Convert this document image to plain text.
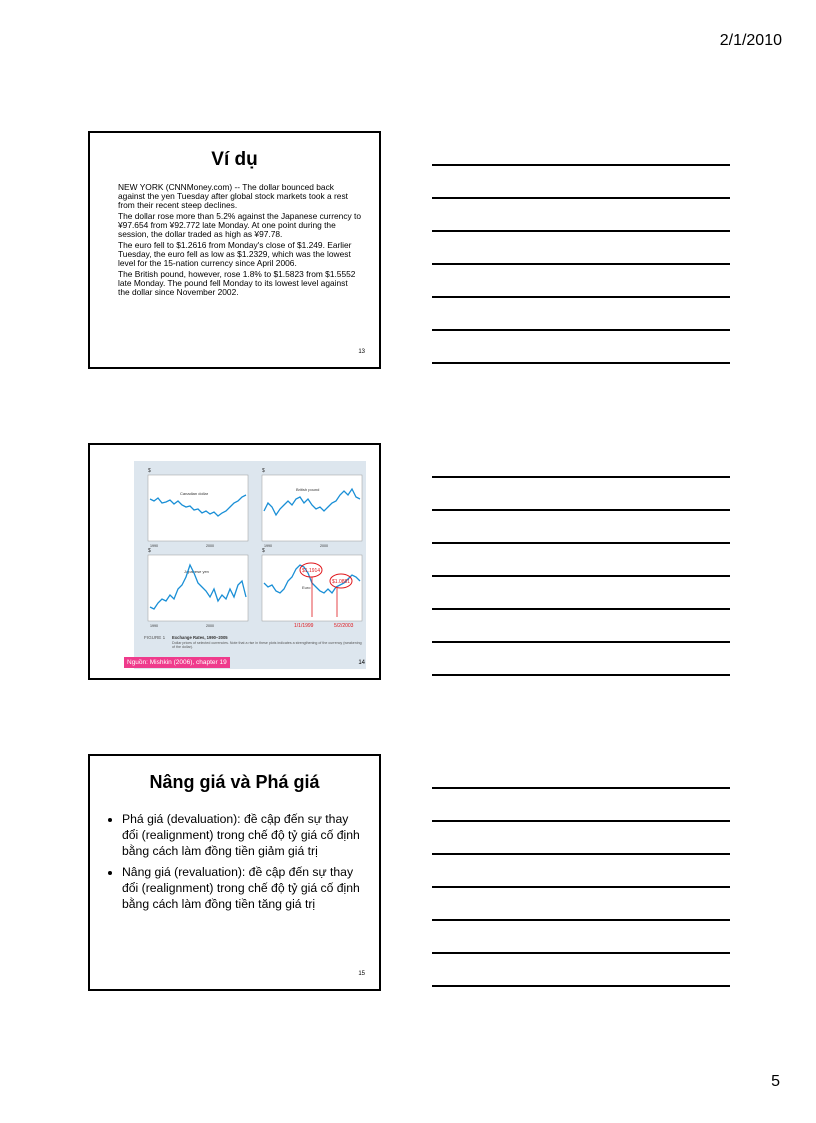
2/1/2010
Ví dụ

NEW YORK (CNNMoney.com) -- The dollar bounced back against the yen Tuesday after global stock markets took a rest from their recent steep declines.

The dollar rose more than 5.2% against the Japanese currency to ¥97.654 from ¥92.772 late Monday. At one point during the session, the dollar traded as high as ¥97.78.

The euro fell to $1.2616 from Monday's close of $1.249. Earlier Tuesday, the euro fell as low as $1.2329, which was the lowest level for the 15-nation currency since April 2006.

The British pound, however, rose 1.8% to $1.5823 from $1.5552 late Monday. The pound fell Monday to its lowest level against the dollar since November 2002.

13
$	$
$	$
Canadian dollar
British pound
Japanese yen
Euro
1990	2000	1990	2000
1990	2000
$1.1914
$1.0881
1/1/1999	5/2/2003
FIGURE 1 Exchange Rates, 1990–2005
Dollar prices of selected currencies. Note that a rise in these plots indicates a strengthening of the currency (weakening of the dollar).
Nguồn: Mishkin (2006), chapter 19	14
Nâng giá và Phá giá
• Phá giá (devaluation): đề cập đến sự thay đổi (realignment) trong chế độ tỷ giá cố định bằng cách làm đồng tiền giảm giá trị
• Nâng giá (revaluation): đề cập đến sự thay đổi (realignment) trong chế độ tỷ giá cố định bằng cách làm đồng tiền tăng giá trị
15
5
